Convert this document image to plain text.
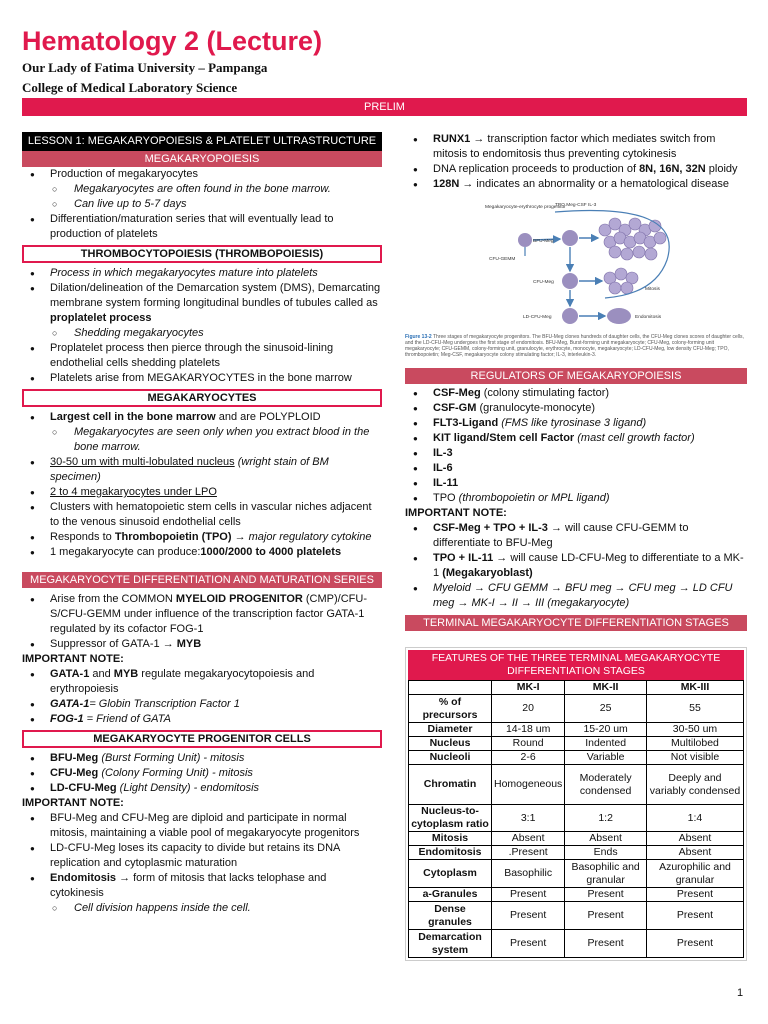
Hematology 2 (Lecture)
Our Lady of Fatima University – Pampanga
College of Medical Laboratory Science
PRELIM
LESSON 1: MEGAKARYOPOIESIS & PLATELET ULTRASTRUCTURE
MEGAKARYOPOIESIS
● Production of megakaryocytes
○ Megakaryocytes are often found in the bone marrow.
○ Can live up to 5-7 days
● Differentiation/maturation series that will eventually lead to production of platelets
THROMBOCYTOPOIESIS (THROMBOPOIESIS)
● Process in which megakaryocytes mature into platelets
● Dilation/delineation of the Demarcation system (DMS), Demarcating membrane system forming longitudinal bundles of tubules called as proplatelet process
○ Shedding megakaryocytes
● Proplatelet process then pierce through the sinusoid-lining endothelial cells shedding platelets
● Platelets arise from MEGAKARYOCYTES in the bone marrow
MEGAKARYOCYTES
● Largest cell in the bone marrow and are POLYPLOID
○ Megakaryocytes are seen only when you extract blood in the bone marrow.
● 30-50 um with multi-lobulated nucleus (wright stain of BM specimen)
● 2 to 4 megakaryocytes under LPO
● Clusters with hematopoietic stem cells in vascular niches adjacent to the venous sinusoid endothelial cells
● Responds to Thrombopoietin (TPO) → major regulatory cytokine
● 1 megakaryocyte can produce:1000/2000 to 4000 platelets
MEGAKARYOCYTE DIFFERENTIATION AND MATURATION SERIES
● Arise from the COMMON MYELOID PROGENITOR (CMP)/CFU-S/CFU-GEMM under influence of the transcription factor GATA-1 regulated by its cofactor FOG-1
● Suppressor of GATA-1 → MYB
IMPORTANT NOTE:
● GATA-1 and MYB regulate megakaryocytopoiesis and erythropoiesis
● GATA-1= Globin Transcription Factor 1
● FOG-1 = Friend of GATA
MEGAKARYOCYTE PROGENITOR CELLS
● BFU-Meg (Burst Forming Unit) - mitosis
● CFU-Meg (Colony Forming Unit) - mitosis
● LD-CFU-Meg (Light Density) - endomitosis
IMPORTANT NOTE:
● BFU-Meg and CFU-Meg are diploid and participate in normal mitosis, maintaining a viable pool of megakaryocyte progenitors
● LD-CFU-Meg loses its capacity to divide but retains its DNA replication and cytoplasmic maturation
● Endomitosis → form of mitosis that lacks telophase and cytokinesis
○ Cell division happens inside the cell.
● RUNX1 → transcription factor which mediates switch from mitosis to endomitosis thus preventing cytokinesis
● DNA replication proceeds to production of 8N, 16N, 32N ploidy
● 128N → indicates an abnormality or a hematological disease
Megakaryocyte-erythrocyte progenitor
TPO Meg-CSF IL-3
BFU-Meg
CFU-GEMM
CFU-Meg
Mitosis
LD-CFU-Meg	Endomitosis
Figure 13-2 Three stages of megakaryocyte progenitors. The BFU-Meg clones hundreds of daughter cells, the CFU-Meg clones scores of daughter cells, and the LD-CFU-Meg undergoes the first stage of endomitosis. BFU-Meg, Burst-forming unit megakaryocyte; CFU-Meg, colony-forming unit megakaryocyte; CFU-GEMM, colony-forming unit, granulocyte, erythrocyte, monocyte, megakaryocyte; LD-CFU-Meg, low density CFU-Meg; TPO, thrombopoietin; Meg-CSF, megakaryocyte colony stimulating factor; IL-3, interleukin-3.
REGULATORS OF MEGAKARYOPOIESIS
● CSF-Meg (colony stimulating factor)
● CSF-GM (granulocyte-monocyte)
● FLT3-Ligand (FMS like tyrosinase 3 ligand)
● KIT ligand/Stem cell Factor (mast cell growth factor)
● IL-3
● IL-6
● IL-11
● TPO (thrombopoietin or MPL ligand)
IMPORTANT NOTE:
● CSF-Meg + TPO + IL-3 → will cause CFU-GEMM to differentiate to BFU-Meg
● TPO + IL-11 → will cause LD-CFU-Meg to differentiate to a MK-1 (Megakaryoblast)
● Myeloid → CFU GEMM → BFU meg → CFU meg → LD CFU meg → MK-I → II → III (megakaryocyte)
TERMINAL MEGAKARYOCYTE DIFFERENTIATION STAGES
FEATURES OF THE THREE TERMINAL MEGAKARYOCYTE DIFFERENTIATION STAGES
	MK-I	MK-II	MK-III
% of precursors	20	25	55
Diameter	14-18 um	15-20 um	30-50 um
Nucleus	Round	Indented	Multilobed
Nucleoli	2-6	Variable	Not visible
Chromatin	Homogeneous	Moderately condensed	Deeply and variably condensed
Nucleus-to-cytoplasm ratio	3:1	1:2	1:4
Mitosis	Absent	Absent	Absent
Endomitosis	.Present	Ends	Absent
Cytoplasm	Basophilic	Basophilic and granular	Azurophilic and granular
a-Granules	Present	Present	Present
Dense granules	Present	Present	Present
Demarcation system	Present	Present	Present
1
